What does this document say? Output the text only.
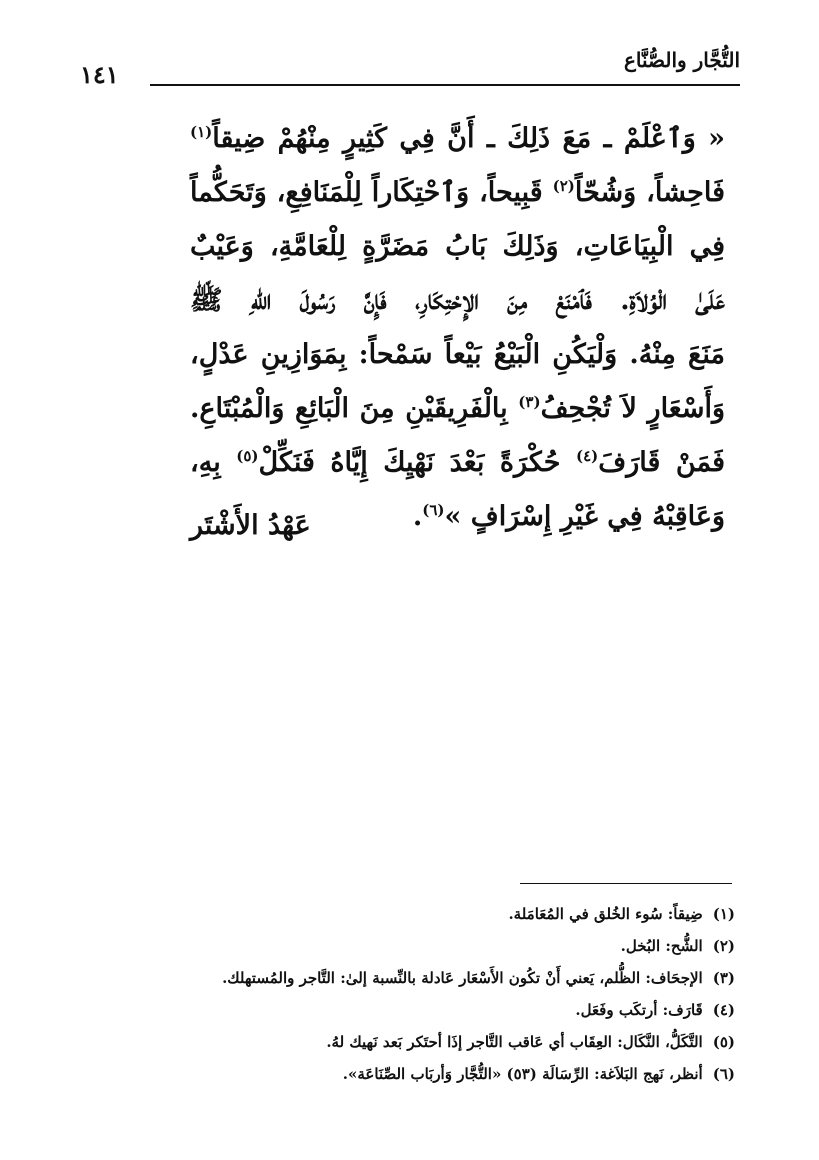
التُّجَّار والصُّنَّاع
١٤١
« وَٱعْلَمْ ـ مَعَ ذَلِكَ ـ أَنَّ فِي كَثِيرٍ مِنْهُمْ ضِيقاً$^{(١)}$
فَاحِشاً، وَشُحّاً$^{(٢)}$ قَبِيحاً، وَٱحْتِكَاراً لِلْمَنَافِعِ، وَتَحَكُّماً
فِي الْبِيَاعَاتِ، وَذَلِكَ بَابُ مَضَرَّةٍ لِلْعَامَّةِ، وَعَيْبٌ
عَلَىٰ الْوُلاَةِ. فَٱمْنَعْ مِنَ الإِحْتِكَارِ، فَإِنَّ رَسُولَ اللهِ ﷺ
مَنَعَ مِنْهُ. وَلْيَكُنِ الْبَيْعُ بَيْعاً سَمْحاً: بِمَوَازِينِ عَدْلٍ،
وَأَسْعَارٍ لاَ تُجْحِفُ$^{(٣)}$ بِالْفَرِيقَيْنِ مِنَ الْبَائِعِ وَالْمُبْتَاعِ.
فَمَنْ قَارَفَ$^{(٤)}$ حُكْرَةً بَعْدَ نَهْيِكَ إِيَّاهُ فَنَكِّلْ$^{(٥)}$ بِهِ،
وَعَاقِبْهُ فِي غَيْرِ إِسْرَافٍ »$^{(٦)}$.
عَهْدُ الأَشْتَر
(١)ضِيقاً: سُوء الخُلق في المُعَامَلة.
(٢)الشُّح: البُخل.
(٣)الإجحَاف: الظُّلم، يَعني أَنْ تكُون الأَسْعَار عَادلة بالنِّسبة إلىٰ: التَّاجر والمُستهلك.
(٤)قَارَف: أرتكَب وفَعَل.
(٥)التَّكَلُّ، النَّكَال: العِقَاب أي عَاقب التَّاجر إذَا أحتَكر بَعد نَهيك لهُ.
(٦)أنظر، نَهج البَلاَغة: الرِّسَالَة (٥٣) «التُّجَّار وَأربَاب الصِّنَاعَة».
